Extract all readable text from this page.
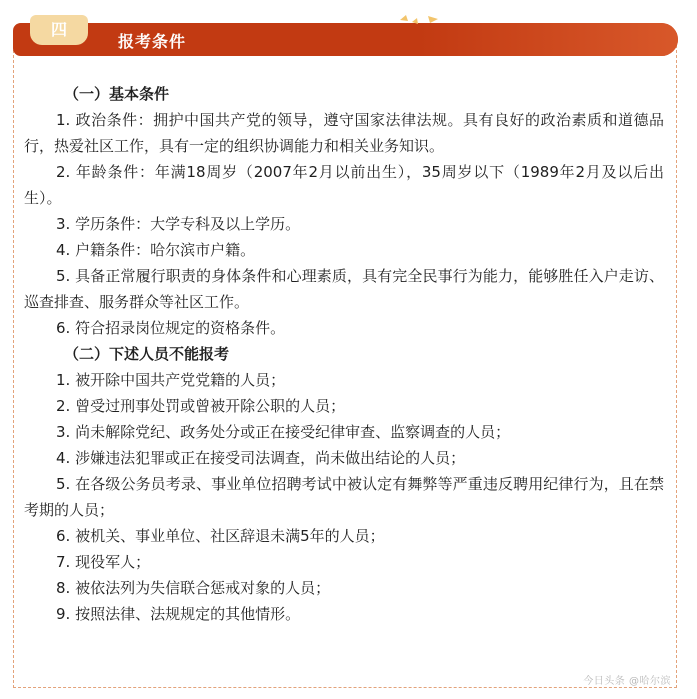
四
报考条件

（一）基本条件

1. 政治条件：拥护中国共产党的领导，遵守国家法律法规。具有良好的政治素质和道德品行，热爱社区工作，具有一定的组织协调能力和相关业务知识。

2. 年龄条件：年满18周岁（2007年2月以前出生），35周岁以下（1989年2月及以后出生）。

3. 学历条件：大学专科及以上学历。

4. 户籍条件：哈尔滨市户籍。

5. 具备正常履行职责的身体条件和心理素质，具有完全民事行为能力，能够胜任入户走访、巡查排查、服务群众等社区工作。

6. 符合招录岗位规定的资格条件。

（二）下述人员不能报考

1. 被开除中国共产党党籍的人员；

2. 曾受过刑事处罚或曾被开除公职的人员；

3. 尚未解除党纪、政务处分或正在接受纪律审查、监察调查的人员；

4. 涉嫌违法犯罪或正在接受司法调查，尚未做出结论的人员；

5. 在各级公务员考录、事业单位招聘考试中被认定有舞弊等严重违反聘用纪律行为，且在禁考期的人员；

6. 被机关、事业单位、社区辞退未满5年的人员；

7. 现役军人；

8. 被依法列为失信联合惩戒对象的人员；

9. 按照法律、法规规定的其他情形。

今日头条 @哈尔滨
